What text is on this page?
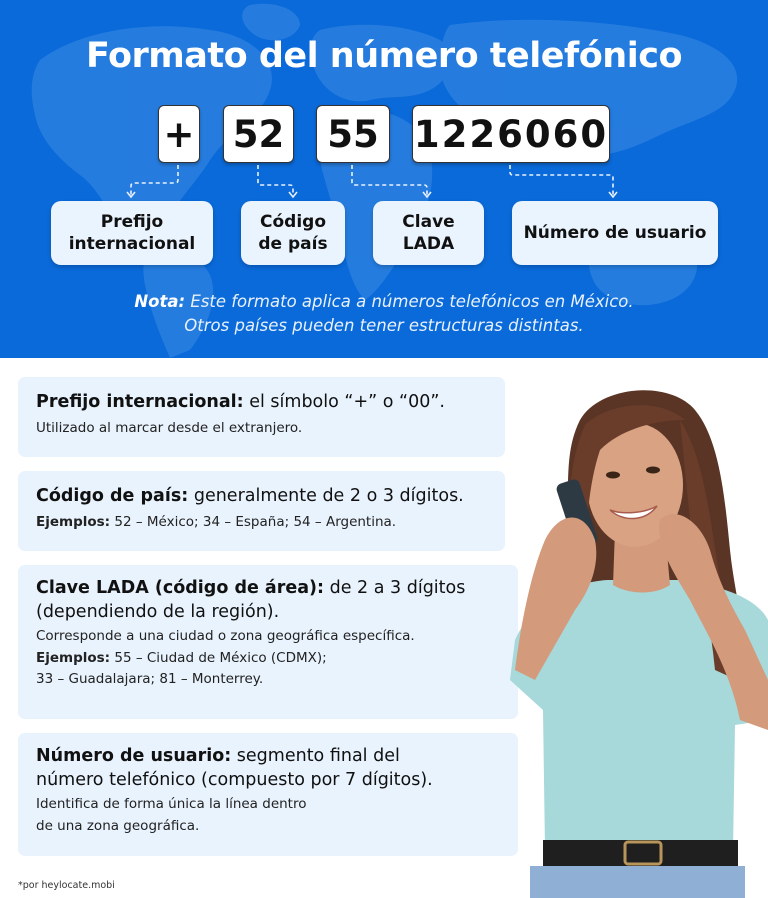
Formato del número telefónico
+ 52	55 1226060
Prefijo
internacional
Código
de país
Clave
LADA
Número de usuario
Nota: Este formato aplica a números telefónicos en México.
Otros países pueden tener estructuras distintas.
Prefijo internacional: el símbolo “+” o “00”.
Utilizado al marcar desde el extranjero.
Código de país: generalmente de 2 o 3 dígitos.
Ejemplos: 52 – México; 34 – España; 54 – Argentina.
Clave LADA (código de área): de 2 a 3 dígitos
(dependiendo de la región).
Corresponde a una ciudad o zona geográfica específica.
Ejemplos: 55 – Ciudad de México (CDMX);
33 – Guadalajara; 81 – Monterrey.
Número de usuario: segmento final del
número telefónico (compuesto por 7 dígitos).
Identifica de forma única la línea dentro
de una zona geográfica.
*por heylocate.mobi
